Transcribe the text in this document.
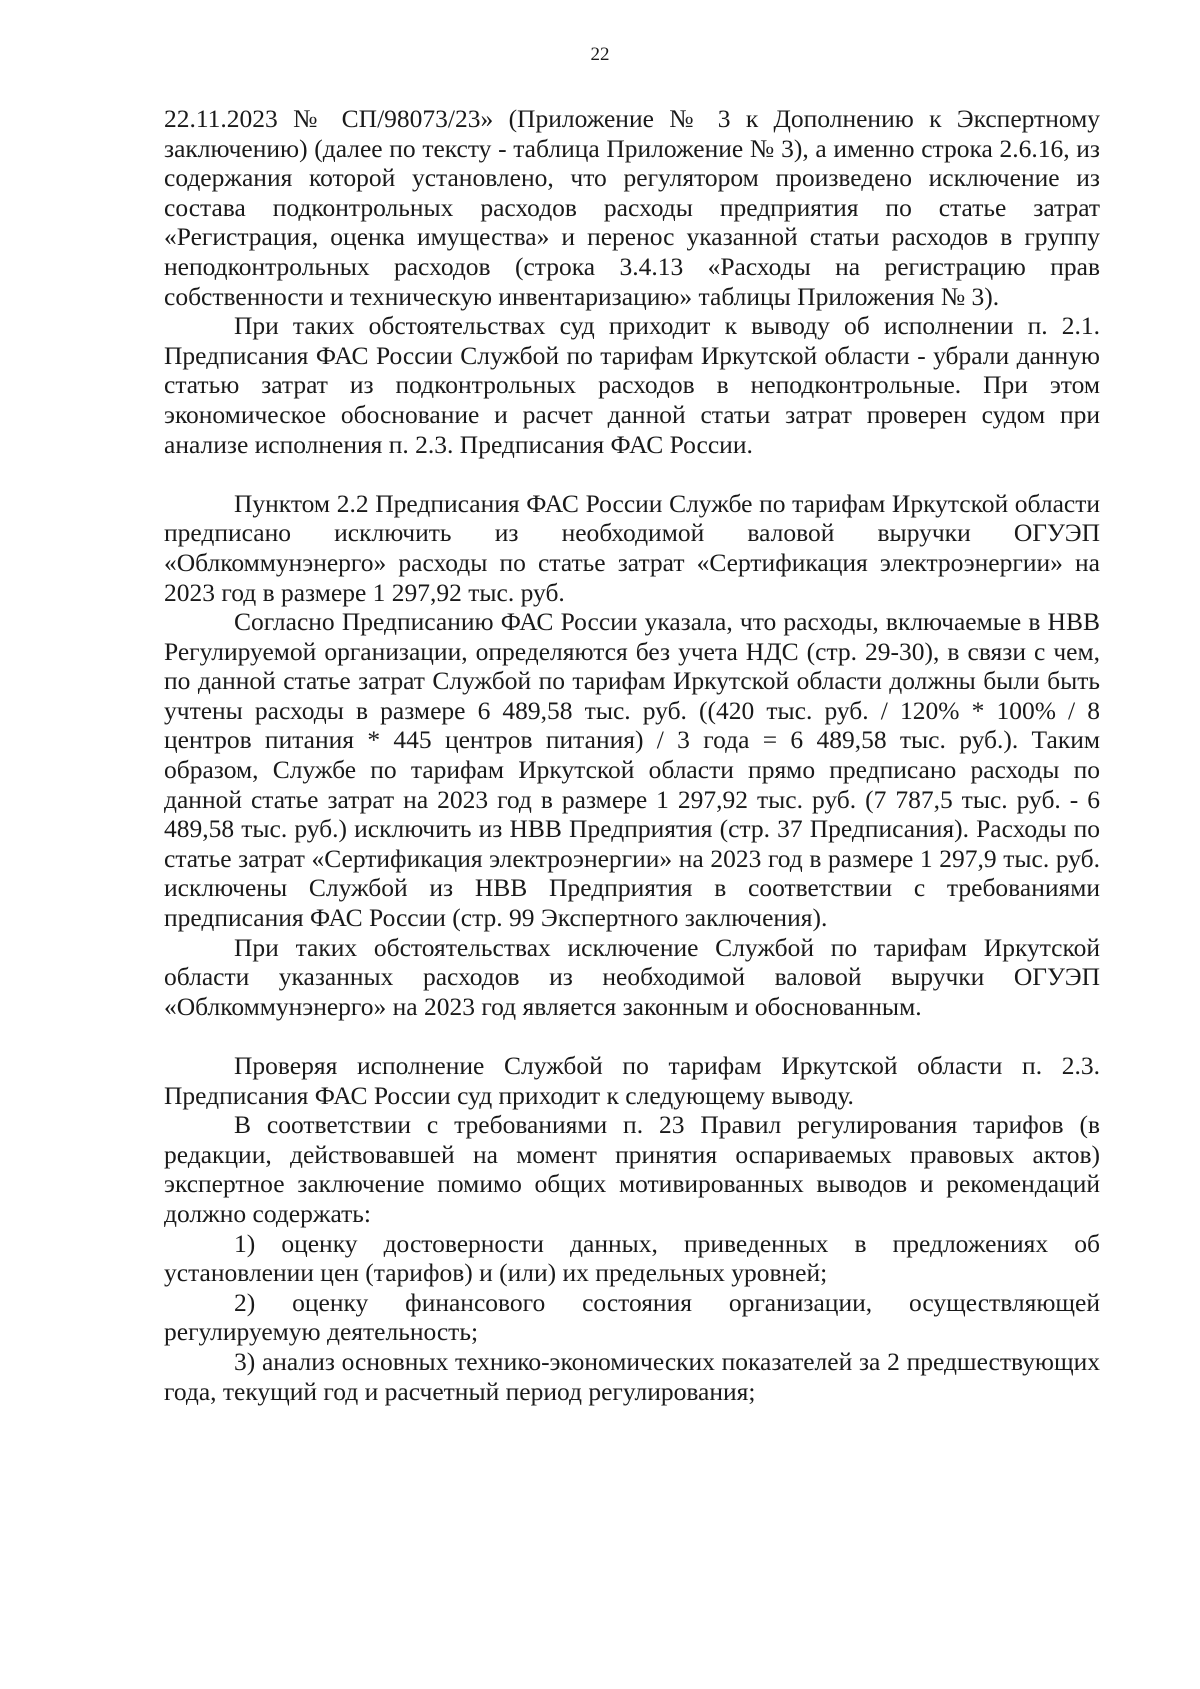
22

22.11.2023 № СП/98073/23» (Приложение № 3 к Дополнению к Экспертному заключению) (далее по тексту - таблица Приложение № 3), а именно строка 2.6.16, из содержания которой установлено, что регулятором произведено исключение из состава подконтрольных расходов расходы предприятия по статье затрат «Регистрация, оценка имущества» и перенос указанной статьи расходов в группу неподконтрольных расходов (строка 3.4.13 «Расходы на регистрацию прав собственности и техническую инвентаризацию» таблицы Приложения № 3).

При таких обстоятельствах суд приходит к выводу об исполнении п. 2.1. Предписания ФАС России Службой по тарифам Иркутской области - убрали данную статью затрат из подконтрольных расходов в неподконтрольные. При этом экономическое обоснование и расчет данной статьи затрат проверен судом при анализе исполнения п. 2.3. Предписания ФАС России.

Пунктом 2.2 Предписания ФАС России Службе по тарифам Иркутской области предписано исключить из необходимой валовой выручки ОГУЭП «Облкоммунэнерго» расходы по статье затрат «Сертификация электроэнергии» на 2023 год в размере 1 297,92 тыс. руб.

Согласно Предписанию ФАС России указала, что расходы, включаемые в НВВ Регулируемой организации, определяются без учета НДС (стр. 29-30), в связи с чем, по данной статье затрат Службой по тарифам Иркутской области должны были быть учтены расходы в размере 6 489,58 тыс. руб. ((420 тыс. руб. / 120% * 100% / 8 центров питания * 445 центров питания) / 3 года = 6 489,58 тыс. руб.). Таким образом, Службе по тарифам Иркутской области прямо предписано расходы по данной статье затрат на 2023 год в размере 1 297,92 тыс. руб. (7 787,5 тыс. руб. - 6 489,58 тыс. руб.) исключить из НВВ Предприятия (стр. 37 Предписания). Расходы по статье затрат «Сертификация электроэнергии» на 2023 год в размере 1 297,9 тыс. руб. исключены Службой из НВВ Предприятия в соответствии с требованиями предписания ФАС России (стр. 99 Экспертного заключения).

При таких обстоятельствах исключение Службой по тарифам Иркутской области указанных расходов из необходимой валовой выручки ОГУЭП «Облкоммунэнерго» на 2023 год является законным и обоснованным.

Проверяя исполнение Службой по тарифам Иркутской области п. 2.3. Предписания ФАС России суд приходит к следующему выводу.

В соответствии с требованиями п. 23 Правил регулирования тарифов (в редакции, действовавшей на момент принятия оспариваемых правовых актов) экспертное заключение помимо общих мотивированных выводов и рекомендаций должно содержать:

1) оценку достоверности данных, приведенных в предложениях об установлении цен (тарифов) и (или) их предельных уровней;

2) оценку финансового состояния организации, осуществляющей регулируемую деятельность;

3) анализ основных технико-экономических показателей за 2 предшествующих года, текущий год и расчетный период регулирования;
